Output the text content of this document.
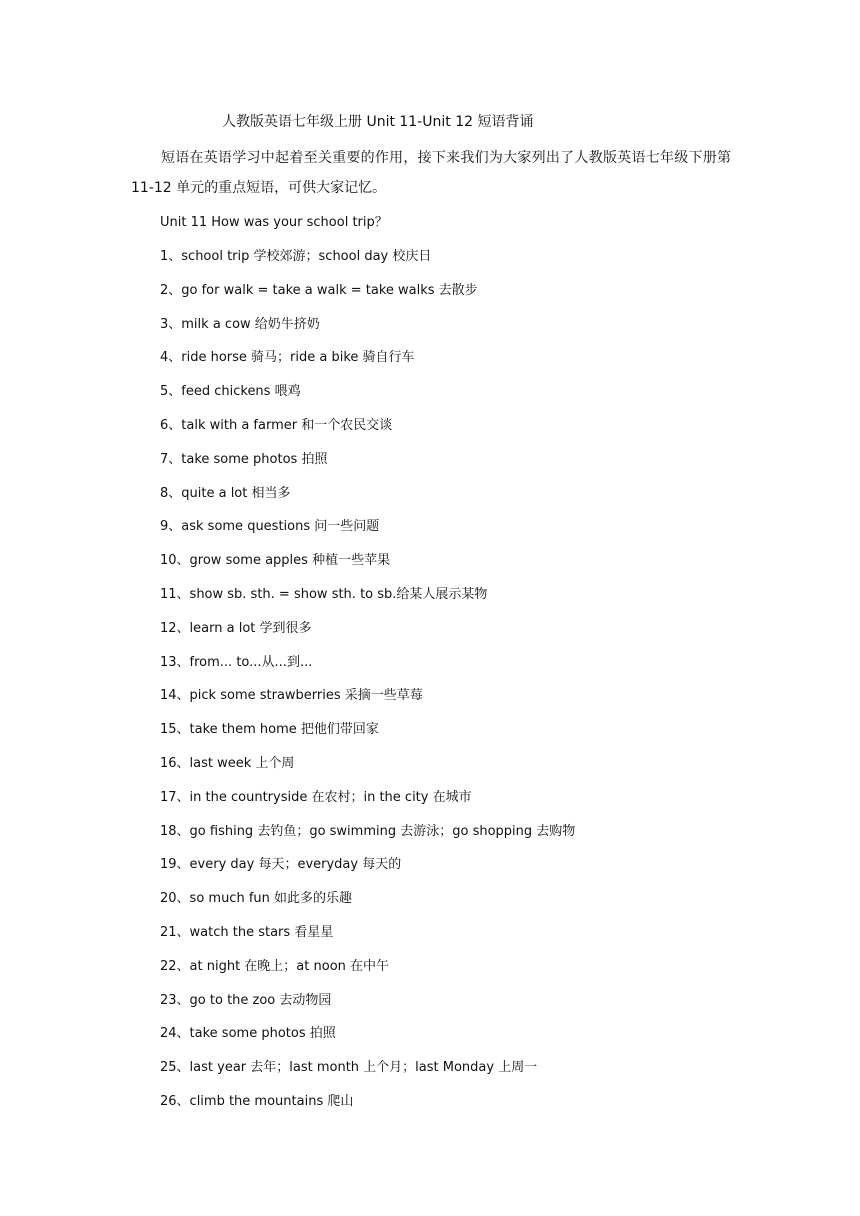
人教版英语七年级上册 Unit 11-Unit 12 短语背诵
短语在英语学习中起着至关重要的作用，接下来我们为大家列出了人教版英语七年级下册第 11-12 单元的重点短语，可供大家记忆。
Unit 11 How was your school trip？
1、school trip 学校郊游；school day 校庆日
2、go for walk = take a walk = take walks 去散步
3、milk a cow 给奶牛挤奶
4、ride horse 骑马；ride a bike 骑自行车
5、feed chickens 喂鸡
6、talk with a farmer 和一个农民交谈
7、take some photos 拍照
8、quite a lot 相当多
9、ask some questions 问一些问题
10、grow some apples 种植一些苹果
11、show sb. sth. = show sth. to sb.给某人展示某物
12、learn a lot 学到很多
13、from... to...从...到...
14、pick some strawberries 采摘一些草莓
15、take them home 把他们带回家
16、last week 上个周
17、in the countryside 在农村；in the city 在城市
18、go fishing 去钓鱼；go swimming 去游泳；go shopping 去购物
19、every day 每天；everyday 每天的
20、so much fun 如此多的乐趣
21、watch the stars 看星星
22、at night 在晚上；at noon 在中午
23、go to the zoo 去动物园
24、take some photos 拍照
25、last year 去年；last month 上个月；last Monday 上周一
26、climb the mountains 爬山
